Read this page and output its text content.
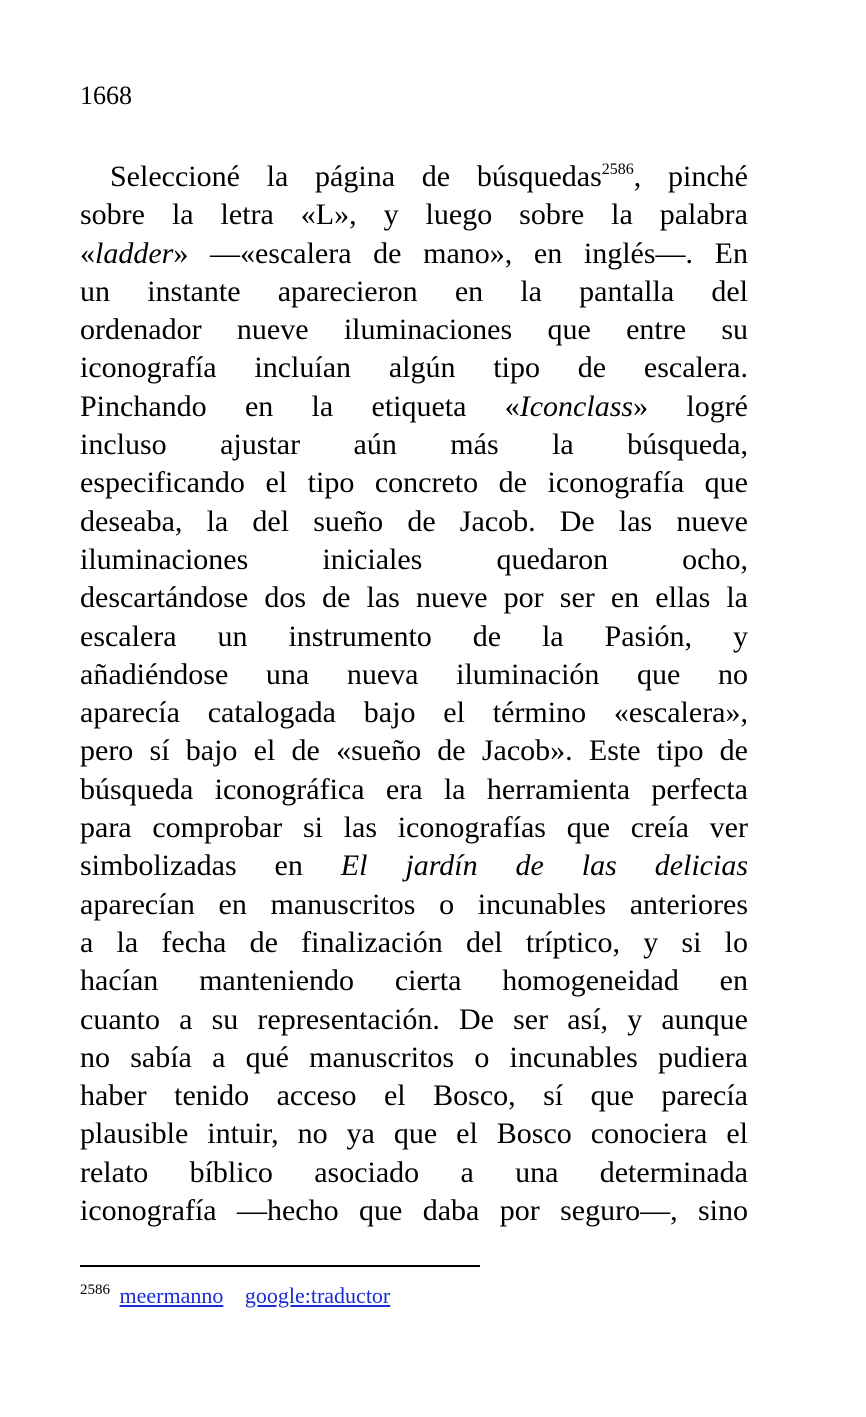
1668
Seleccioné la página de búsquedas$^{2586}$, pinché
sobre la letra «L», y luego sobre la palabra
«ladder» —«escalera de mano», en inglés—. En
un instante aparecieron en la pantalla del
ordenador nueve iluminaciones que entre su
iconografía incluían algún tipo de escalera.
Pinchando en la etiqueta «Iconclass» logré
incluso ajustar aún más la búsqueda,
especificando el tipo concreto de iconografía que
deseaba, la del sueño de Jacob. De las nueve
iluminaciones iniciales quedaron ocho,
descartándose dos de las nueve por ser en ellas la
escalera un instrumento de la Pasión, y
añadiéndose una nueva iluminación que no
aparecía catalogada bajo el término «escalera»,
pero sí bajo el de «sueño de Jacob». Este tipo de
búsqueda iconográfica era la herramienta perfecta
para comprobar si las iconografías que creía ver
simbolizadas en El jardín de las delicias
aparecían en manuscritos o incunables anteriores
a la fecha de finalización del tríptico, y si lo
hacían manteniendo cierta homogeneidad en
cuanto a su representación. De ser así, y aunque
no sabía a qué manuscritos o incunables pudiera
haber tenido acceso el Bosco, sí que parecía
plausible intuir, no ya que el Bosco conociera el
relato bíblico asociado a una determinada
iconografía —hecho que daba por seguro—, sino
$^{2586}$ meermanno google:traductor
